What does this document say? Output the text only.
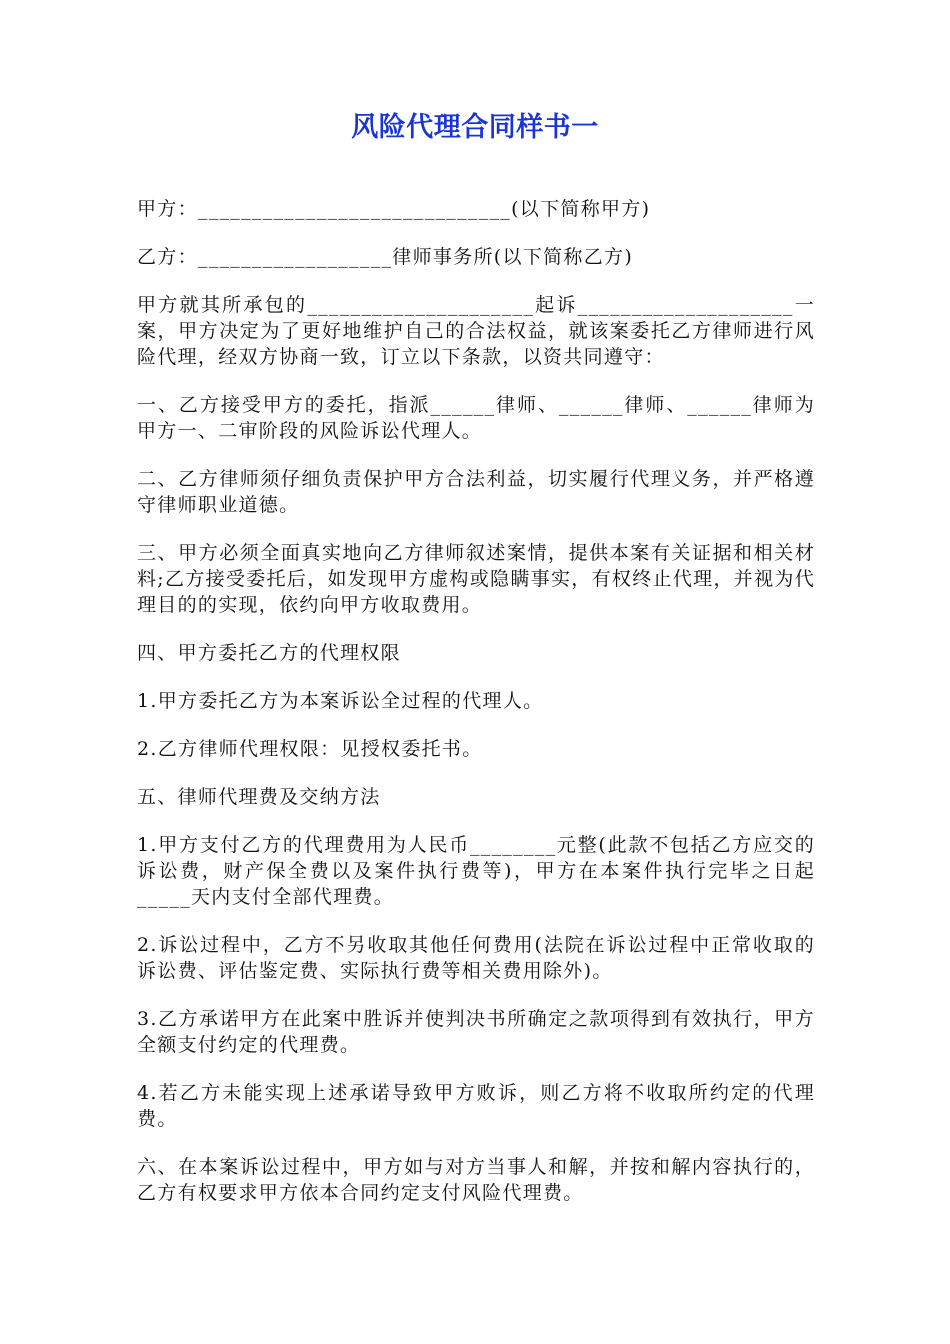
风险代理合同样书一

甲方：_____________________________(以下简称甲方)

乙方：__________________律师事务所(以下简称乙方)

甲方就其所承包的_____________________起诉____________________一案，甲方决定为了更好地维护自己的合法权益，就该案委托乙方律师进行风险代理，经双方协商一致，订立以下条款，以资共同遵守：

一、乙方接受甲方的委托，指派______律师、______律师、______律师为甲方一、二审阶段的风险诉讼代理人。

二、乙方律师须仔细负责保护甲方合法利益，切实履行代理义务，并严格遵守律师职业道德。

三、甲方必须全面真实地向乙方律师叙述案情，提供本案有关证据和相关材料;乙方接受委托后，如发现甲方虚构或隐瞒事实，有权终止代理，并视为代理目的的实现，依约向甲方收取费用。

四、甲方委托乙方的代理权限

1.甲方委托乙方为本案诉讼全过程的代理人。

2.乙方律师代理权限：见授权委托书。

五、律师代理费及交纳方法

1.甲方支付乙方的代理费用为人民币________元整(此款不包括乙方应交的诉讼费，财产保全费以及案件执行费等)，甲方在本案件执行完毕之日起_____天内支付全部代理费。

2.诉讼过程中，乙方不另收取其他任何费用(法院在诉讼过程中正常收取的诉讼费、评估鉴定费、实际执行费等相关费用除外)。

3.乙方承诺甲方在此案中胜诉并使判决书所确定之款项得到有效执行，甲方全额支付约定的代理费。

4.若乙方未能实现上述承诺导致甲方败诉，则乙方将不收取所约定的代理费。

六、在本案诉讼过程中，甲方如与对方当事人和解，并按和解内容执行的，乙方有权要求甲方依本合同约定支付风险代理费。
